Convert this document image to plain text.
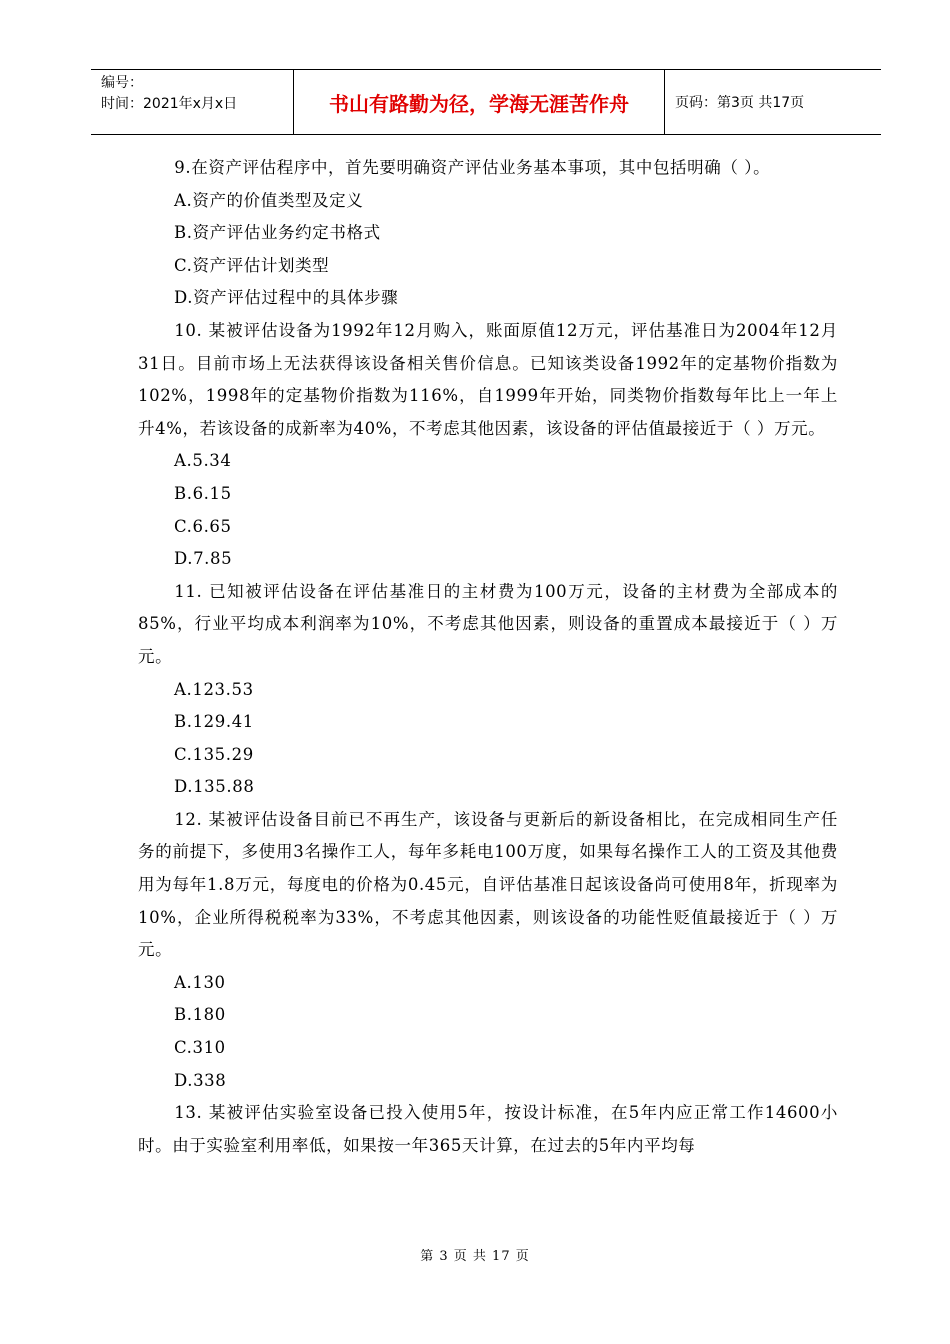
编号：
时间：2021年x月x日	书山有路勤为径，学海无涯苦作舟	页码：第3页 共17页

9.在资产评估程序中，首先要明确资产评估业务基本事项，其中包括明确（ ）。

A.资产的价值类型及定义

B.资产评估业务约定书格式

C.资产评估计划类型

D.资产评估过程中的具体步骤

10. 某被评估设备为1992年12月购入，账面原值12万元，评估基准日为2004年12月31日。目前市场上无法获得该设备相关售价信息。已知该类设备1992年的定基物价指数为102%，1998年的定基物价指数为116%，自1999年开始，同类物价指数每年比上一年上升4%，若该设备的成新率为40%，不考虑其他因素，该设备的评估值最接近于（ ）万元。

A.5.34

B.6.15

C.6.65

D.7.85

11. 已知被评估设备在评估基准日的主材费为100万元，设备的主材费为全部成本的85%，行业平均成本利润率为10%，不考虑其他因素，则设备的重置成本最接近于（ ）万元。

A.123.53

B.129.41

C.135.29

D.135.88

12. 某被评估设备目前已不再生产，该设备与更新后的新设备相比，在完成相同生产任务的前提下，多使用3名操作工人，每年多耗电100万度，如果每名操作工人的工资及其他费用为每年1.8万元，每度电的价格为0.45元，自评估基准日起该设备尚可使用8年，折现率为10%，企业所得税税率为33%，不考虑其他因素，则该设备的功能性贬值最接近于（ ）万元。

A.130

B.180

C.310

D.338

13. 某被评估实验室设备已投入使用5年，按设计标准，在5年内应正常工作14600小时。由于实验室利用率低，如果按一年365天计算，在过去的5年内平均每

第 3 页 共 17 页
